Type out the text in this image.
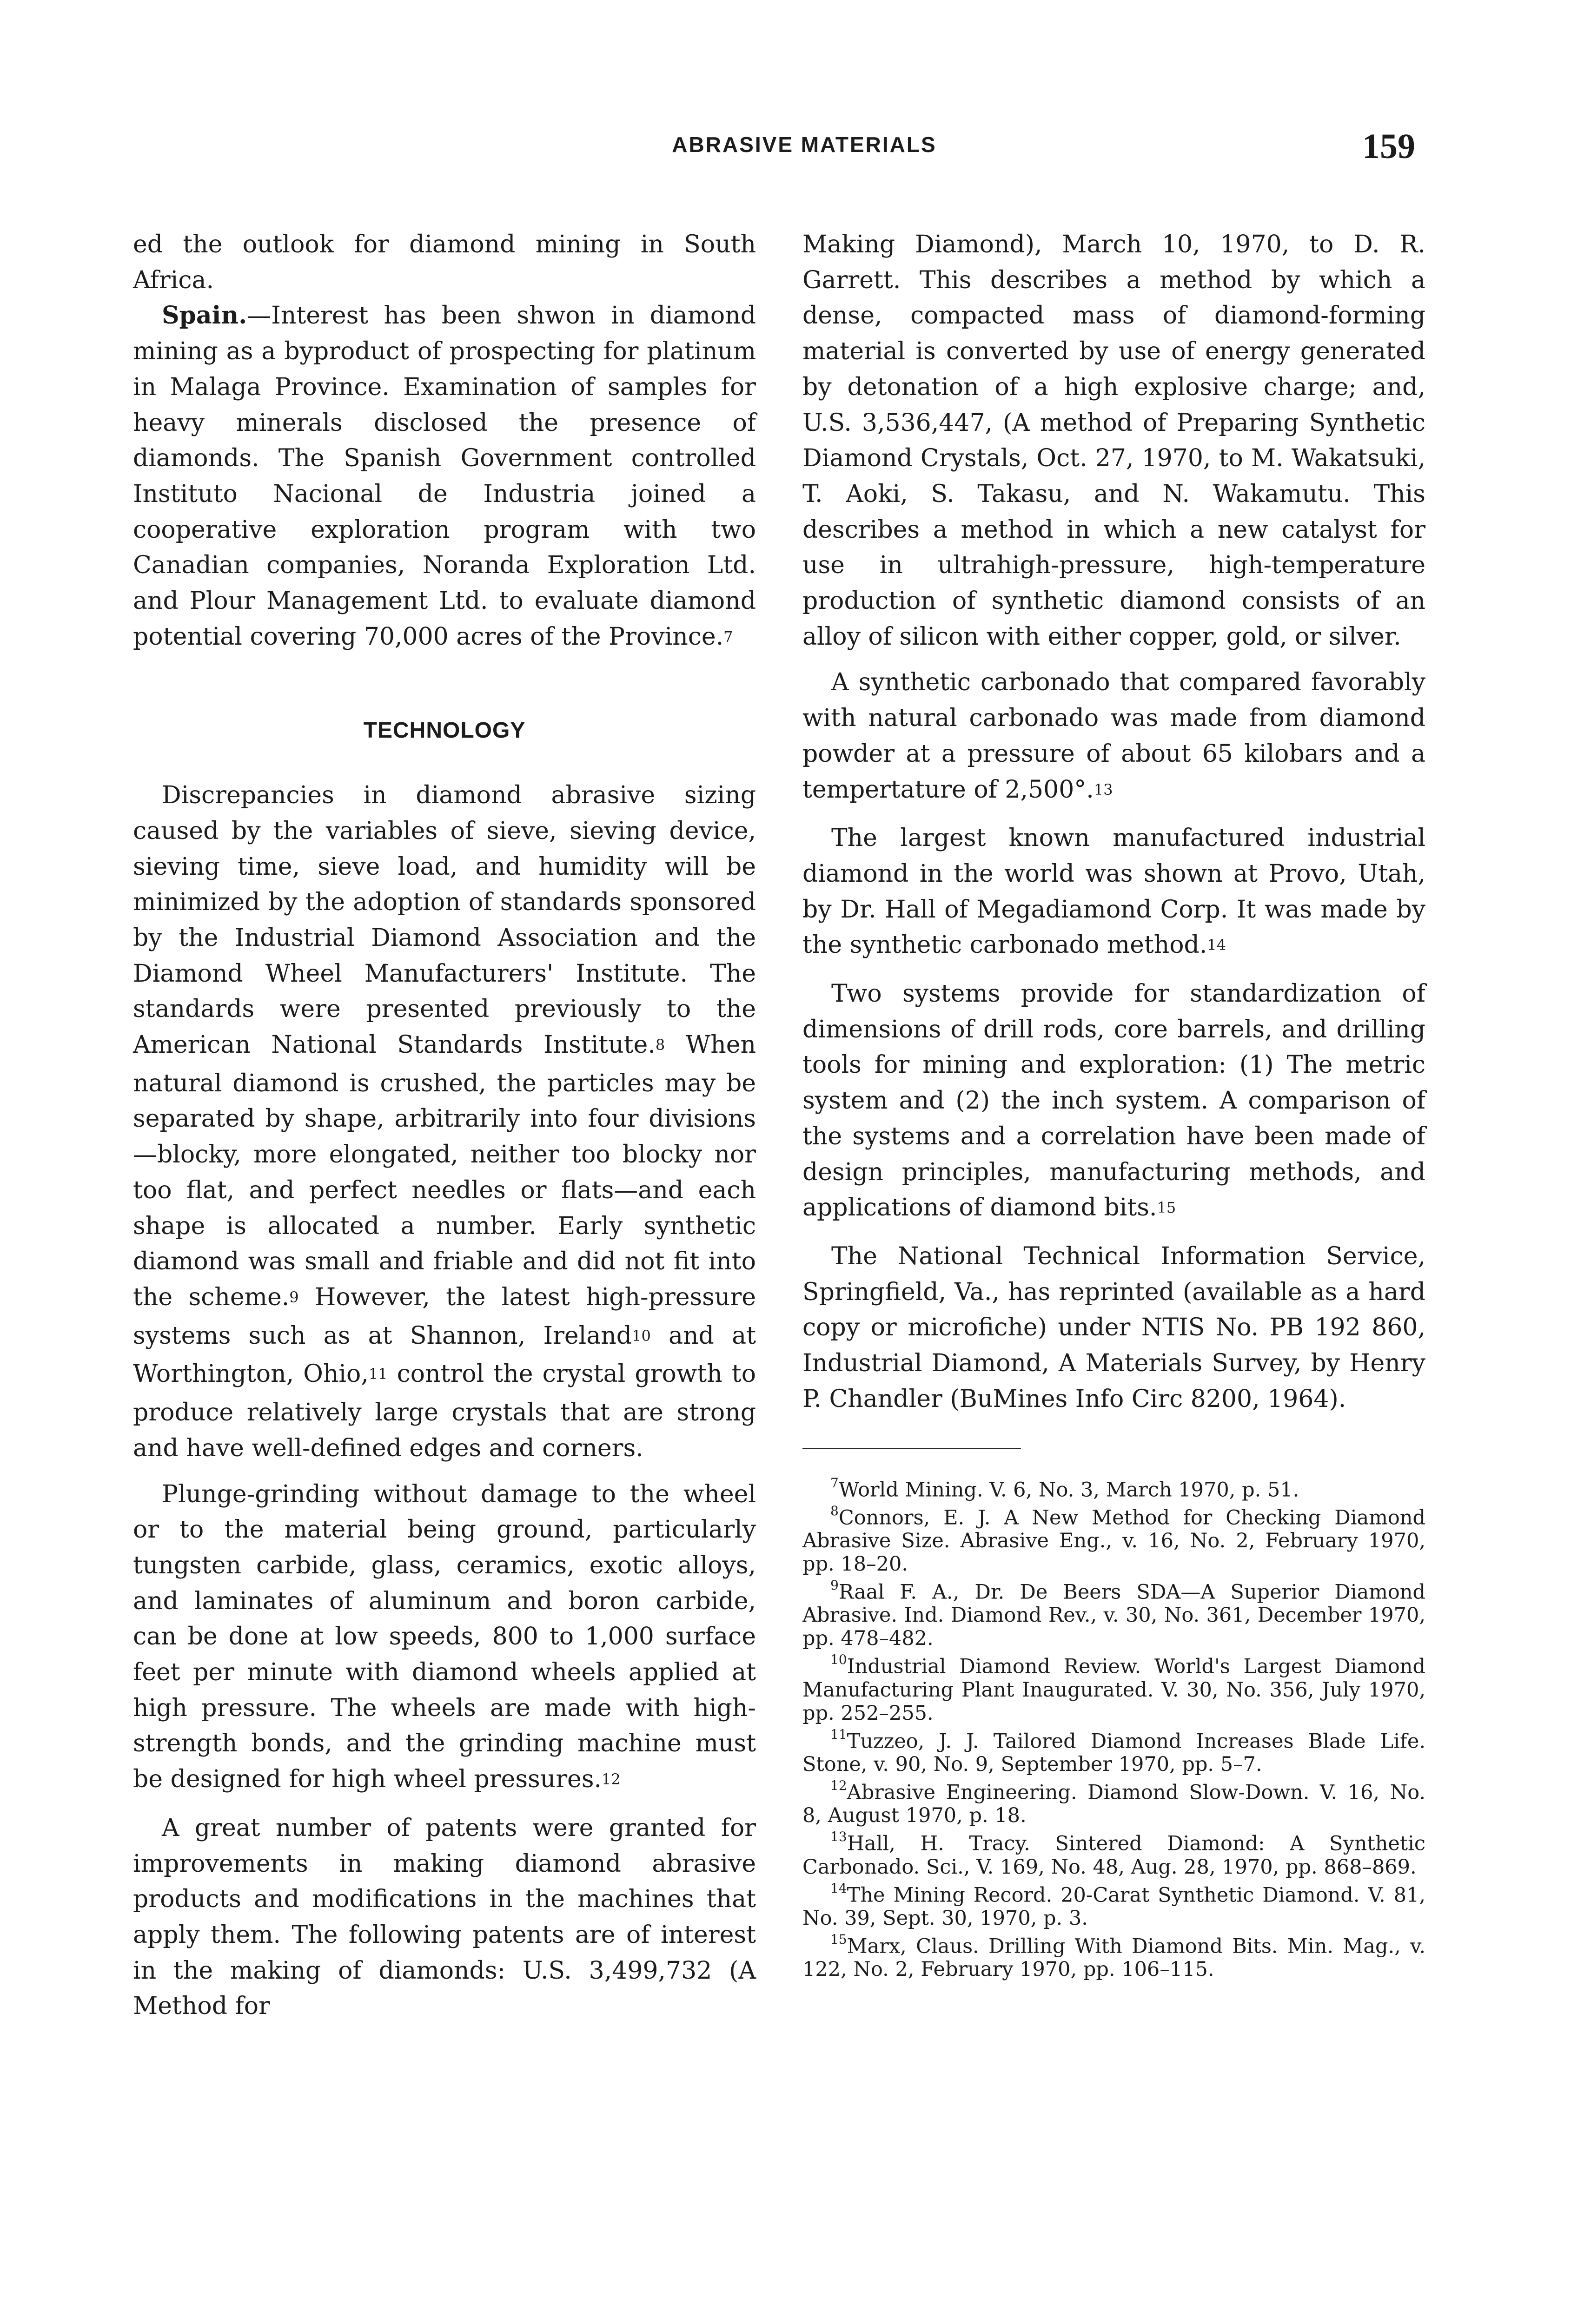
ABRASIVE MATERIALS	159

ed the outlook for diamond mining in South Africa.

Spain.—Interest has been shwon in diamond mining as a byproduct of prospecting for platinum in Malaga Province. Examination of samples for heavy minerals disclosed the presence of diamonds. The Spanish Government controlled Instituto Nacional de Industria joined a cooperative exploration program with two Canadian companies, Noranda Exploration Ltd. and Plour Management Ltd. to evaluate diamond potential covering 70,000 acres of the Province.$^7$

TECHNOLOGY

Discrepancies in diamond abrasive sizing caused by the variables of sieve, sieving device, sieving time, sieve load, and humidity will be minimized by the adoption of standards sponsored by the Industrial Diamond Association and the Diamond Wheel Manufacturers' Institute. The standards were presented previously to the American National Standards Institute.$^8$ When natural diamond is crushed, the particles may be separated by shape, arbitrarily into four divisions—blocky, more elongated, neither too blocky nor too flat, and perfect needles or flats—and each shape is allocated a number. Early synthetic diamond was small and friable and did not fit into the scheme.$^9$ However, the latest high-pressure systems such as at Shannon, Ireland$^{10}$ and at Worthington, Ohio,$^{11}$ control the crystal growth to produce relatively large crystals that are strong and have well-defined edges and corners.

Plunge-grinding without damage to the wheel or to the material being ground, particularly tungsten carbide, glass, ceramics, exotic alloys, and laminates of aluminum and boron carbide, can be done at low speeds, 800 to 1,000 surface feet per minute with diamond wheels applied at high pressure. The wheels are made with high-strength bonds, and the grinding machine must be designed for high wheel pressures.$^{12}$

A great number of patents were granted for improvements in making diamond abrasive products and modifications in the machines that apply them. The following patents are of interest in the making of diamonds: U.S. 3,499,732 (A Method for

Making Diamond), March 10, 1970, to D. R. Garrett. This describes a method by which a dense, compacted mass of diamond-forming material is converted by use of energy generated by detonation of a high explosive charge; and, U.S. 3,536,447, (A method of Preparing Synthetic Diamond Crystals, Oct. 27, 1970, to M. Wakatsuki, T. Aoki, S. Takasu, and N. Wakamutu. This describes a method in which a new catalyst for use in ultrahigh-pressure, high-temperature production of synthetic diamond consists of an alloy of silicon with either copper, gold, or silver.

A synthetic carbonado that compared favorably with natural carbonado was made from diamond powder at a pressure of about 65 kilobars and a tempertature of 2,500°.$^{13}$

The largest known manufactured industrial diamond in the world was shown at Provo, Utah, by Dr. Hall of Megadiamond Corp. It was made by the synthetic carbonado method.$^{14}$

Two systems provide for standardization of dimensions of drill rods, core barrels, and drilling tools for mining and exploration: (1) The metric system and (2) the inch system. A comparison of the systems and a correlation have been made of design principles, manufacturing methods, and applications of diamond bits.$^{15}$

The National Technical Information Service, Springfield, Va., has reprinted (available as a hard copy or microfiche) under NTIS No. PB 192 860, Industrial Diamond, A Materials Survey, by Henry P. Chandler (BuMines Info Circ 8200, 1964).

$^7$World Mining. V. 6, No. 3, March 1970, p. 51.

$^8$Connors, E. J. A New Method for Checking Diamond Abrasive Size. Abrasive Eng., v. 16, No. 2, February 1970, pp. 18–20.

$^9$Raal F. A., Dr. De Beers SDA—A Superior Diamond Abrasive. Ind. Diamond Rev., v. 30, No. 361, December 1970, pp. 478–482.

$^{10}$Industrial Diamond Review. World's Largest Diamond Manufacturing Plant Inaugurated. V. 30, No. 356, July 1970, pp. 252–255.

$^{11}$Tuzzeo, J. J. Tailored Diamond Increases Blade Life. Stone, v. 90, No. 9, September 1970, pp. 5–7.

$^{12}$Abrasive Engineering. Diamond Slow-Down. V. 16, No. 8, August 1970, p. 18.

$^{13}$Hall, H. Tracy. Sintered Diamond: A Synthetic Carbonado. Sci., V. 169, No. 48, Aug. 28, 1970, pp. 868–869.

$^{14}$The Mining Record. 20-Carat Synthetic Diamond. V. 81, No. 39, Sept. 30, 1970, p. 3.

$^{15}$Marx, Claus. Drilling With Diamond Bits. Min. Mag., v. 122, No. 2, February 1970, pp. 106–115.
